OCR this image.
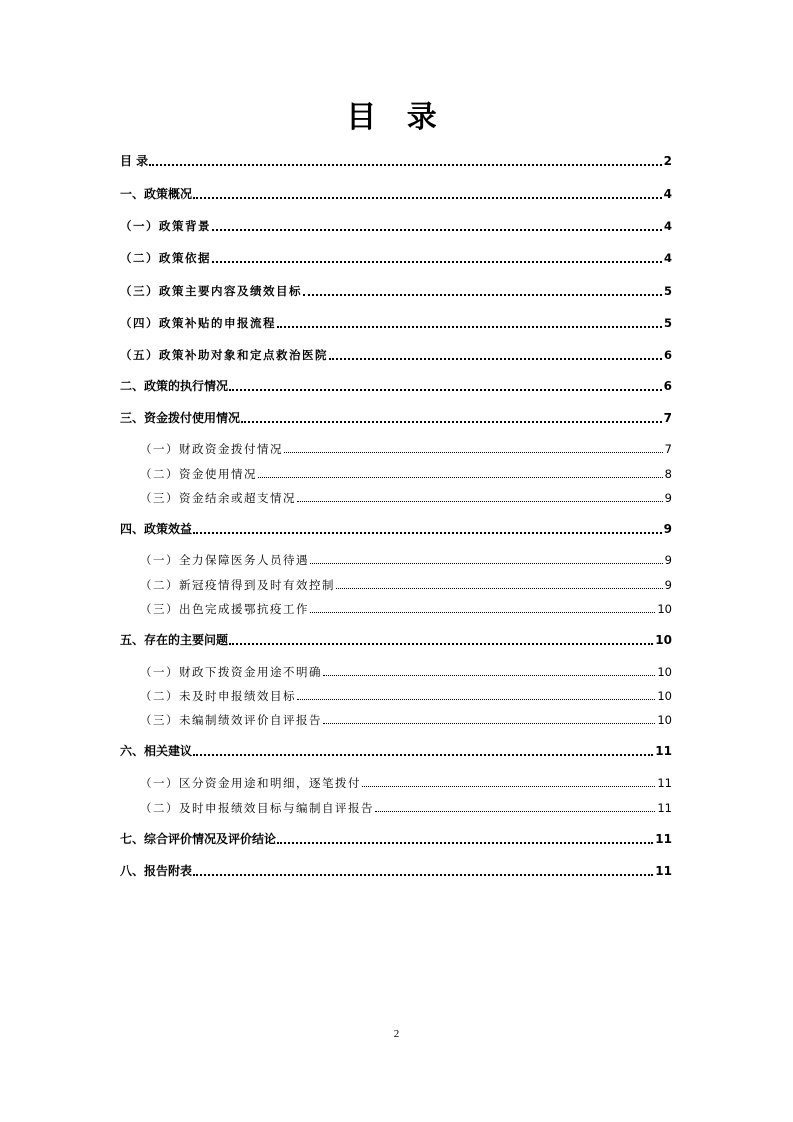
目 录
目 录	2
一、政策概况	4
（一）政策背景	4
（二）政策依据	4
（三）政策主要内容及绩效目标	5
（四）政策补贴的申报流程	5
（五）政策补助对象和定点救治医院	6
二、政策的执行情况	6
三、资金拨付使用情况	7
（一）财政资金拨付情况	7
（二）资金使用情况	8
（三）资金结余或超支情况	9
四、政策效益	9
（一）全力保障医务人员待遇	9
（二）新冠疫情得到及时有效控制	9
（三）出色完成援鄂抗疫工作	10
五、存在的主要问题	10
（一）财政下拨资金用途不明确	10
（二）未及时申报绩效目标	10
（三）未编制绩效评价自评报告	10
六、相关建议	11
（一）区分资金用途和明细，逐笔拨付	11
（二）及时申报绩效目标与编制自评报告	11
七、综合评价情况及评价结论	11
八、报告附表	11
2
